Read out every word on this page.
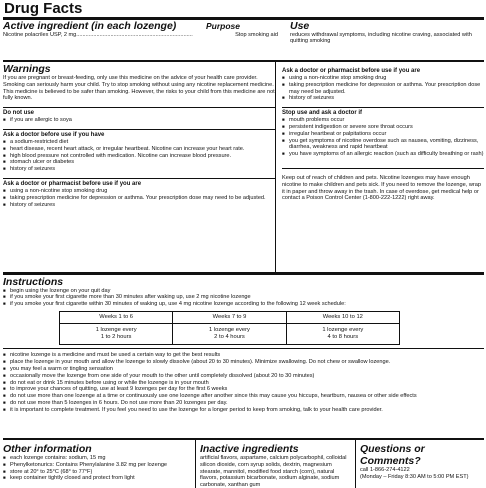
Drug Facts
Active ingredient (in each lozenge)	Purpose
Nicotine polacrilex USP, 2 mg ...........................................................................	Stop smoking aid
Use
reduces withdrawal symptoms, including nicotine craving, associated with quitting smoking
Warnings
If you are pregnant or breast-feeding, only use this medicine on the advice of your health care provider. Smoking can seriously harm your child. Try to stop smoking without using any nicotine replacement medicine. This medicine is believed to be safer than smoking. However, the risks to your child from this medicine are not fully known.
Do not use
■ if you are allergic to soya
Ask a doctor before use if you have
■ a sodium-restricted diet
■ heart disease, recent heart attack, or irregular heartbeat. Nicotine can increase your heart rate.
■ high blood pressure not controlled with medication. Nicotine can increase blood pressure.
■ stomach ulcer or diabetes
■ history of seizures
Ask a doctor or pharmacist before use if you are
■ using a non-nicotine stop smoking drug
■ taking prescription medicine for depression or asthma. Your prescription dose may need to be adjusted.
■ history of seizures
Ask a doctor or pharmacist before use if you are
■ using a non-nicotine stop smoking drug
■ taking prescription medicine for depression or asthma. Your prescription dose may need be adjusted.
■ history of seizures
Stop use and ask a doctor if
■ mouth problems occur
■ persistent indigestion or severe sore throat occurs
■ irregular heartbeat or palpitations occur
■ you get symptoms of nicotine overdose such as nausea, vomiting, dizziness, diarrhea, weakness and rapid heartbeat
■ you have symptoms of an allergic reaction (such as difficulty breathing or rash)
Keep out of reach of children and pets. Nicotine lozenges may have enough nicotine to make children and pets sick. If you need to remove the lozenge, wrap it in paper and throw away in the trash. In case of overdose, get medical help or contact a Poison Control Center (1-800-222-1222) right away.
Instructions
■ begin using the lozenge on your quit day
■ if you smoke your first cigarette more than 30 minutes after waking up, use 2 mg nicotine lozenge
■ if you smoke your first cigarette within 30 minutes of waking up, use 4 mg nicotine lozenge according to the following 12 week schedule:
Weeks 1 to 6
1 lozenge every
1 to 2 hours
Weeks 7 to 9
1 lozenge every
2 to 4 hours
Weeks 10 to 12
1 lozenge every
4 to 8 hours
■ nicotine lozenge is a medicine and must be used a certain way to get the best results
■ place the lozenge in your mouth and allow the lozenge to slowly dissolve (about 20 to 30 minutes). Minimize swallowing. Do not chew or swallow lozenge.
■ you may feel a warm or tingling sensation
■ occasionally move the lozenge from one side of your mouth to the other until completely dissolved (about 20 to 30 minutes)
■ do not eat or drink 15 minutes before using or while the lozenge is in your mouth
■ to improve your chances of quitting, use at least 9 lozenges per day for the first 6 weeks
■ do not use more than one lozenge at a time or continuously use one lozenge after another since this may cause you hiccups, heartburn, nausea or other side effects
■ do not use more than 5 lozenges in 6 hours. Do not use more than 20 lozenges per day.
■ it is important to complete treatment. If you feel you need to use the lozenge for a longer period to keep from smoking, talk to your health care provider.
Other information
■ each lozenge contains: sodium, 15 mg
■ Phenylketonurics: Contains Phenylalanine 3.82 mg per lozenge
■ store at 20° to 25°C (68° to 77°F)
■ keep container tightly closed and protect from light
Inactive ingredients
artificial flavors, aspartame, calcium polycarbophil, colloidal silicon dioxide, corn syrup solids, dextrin, magnesium stearate, mannitol, modified food starch (corn), natural flavors, potassium bicarbonate, sodium alginate, sodium carbonate, xanthan gum
Questions or Comments?
call 1-866-274-4122
(Monday – Friday 8:30 AM to 5:00 PM EST)
